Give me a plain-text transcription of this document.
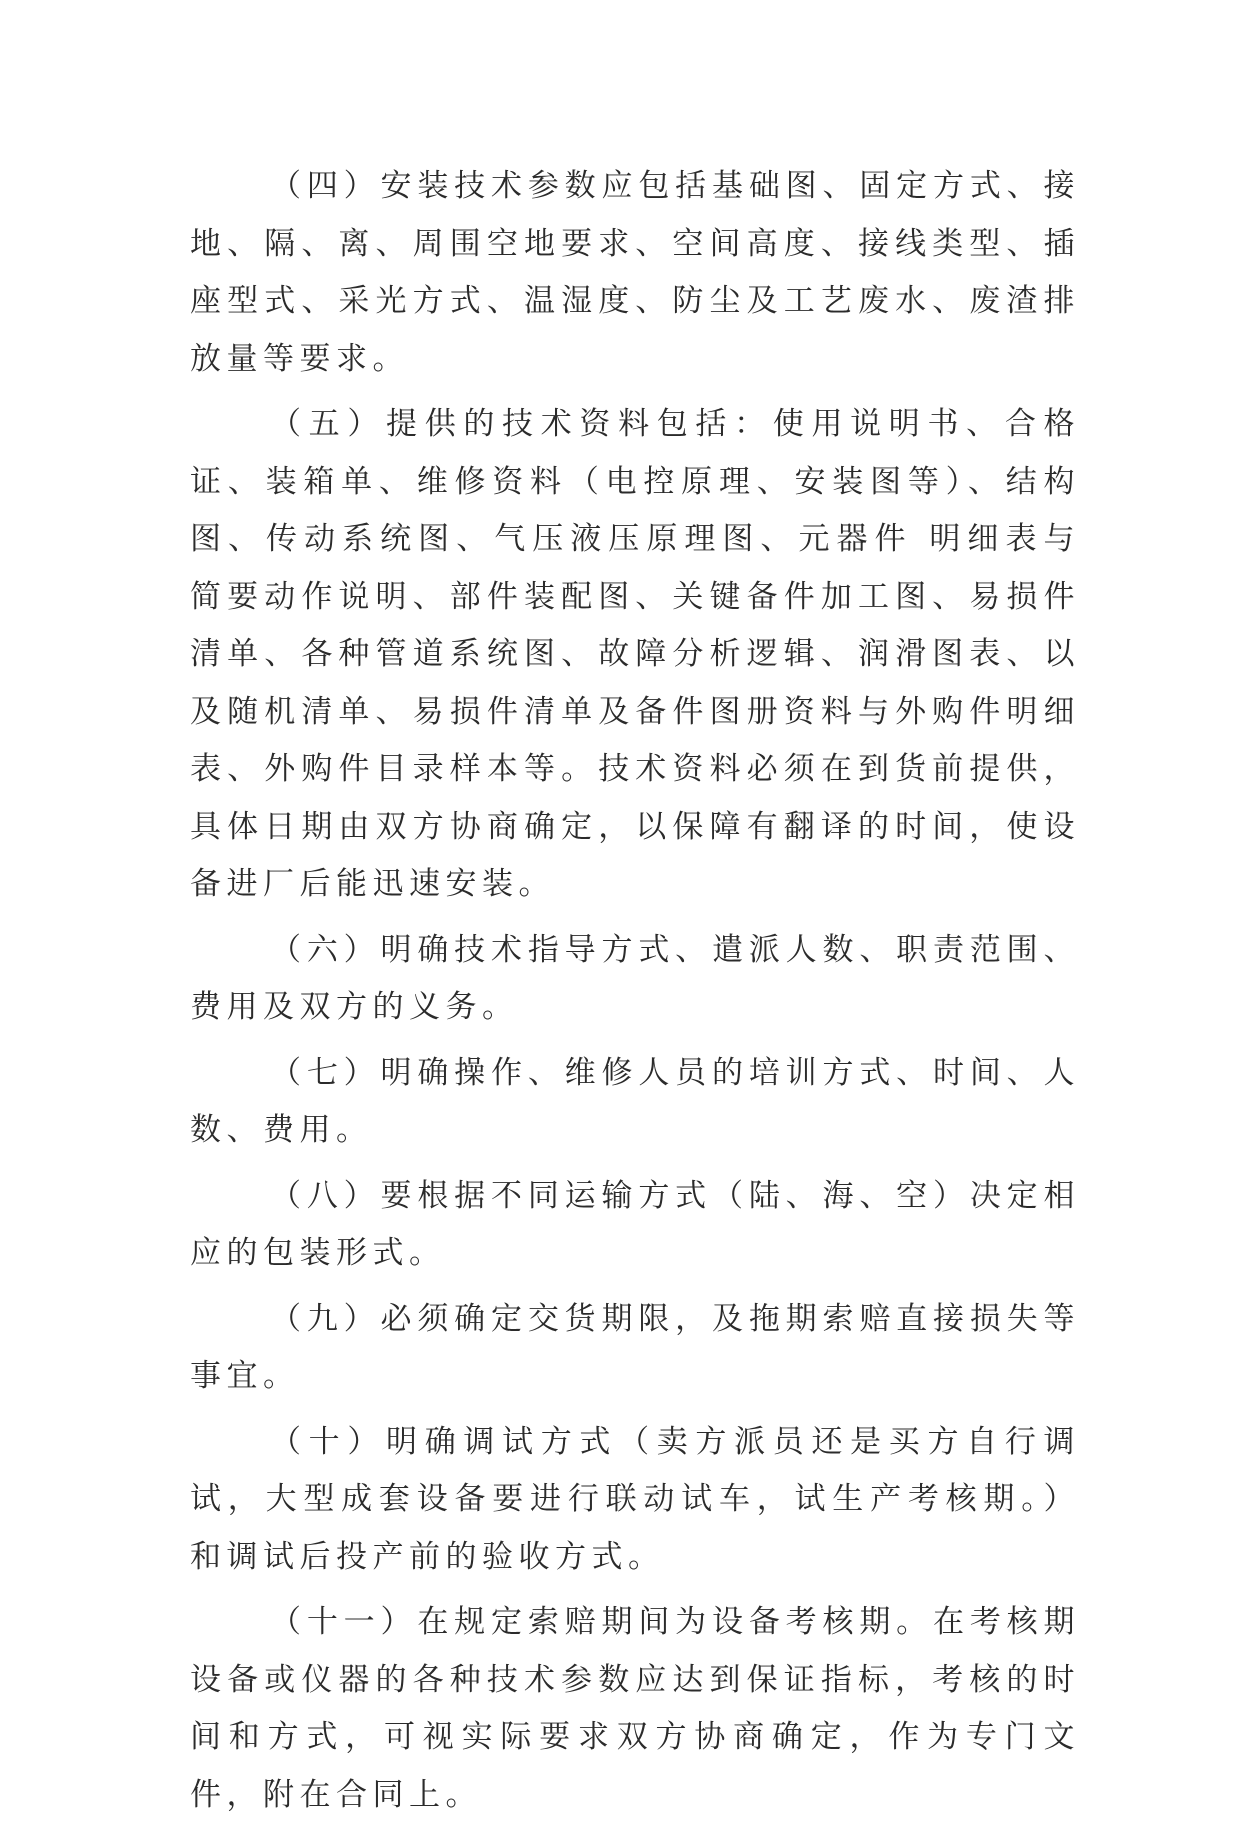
（四）安装技术参数应包括基础图、固定方式、接地、隔、离、周围空地要求、空间高度、接线类型、插座型式、采光方式、温湿度、防尘及工艺废水、废渣排放量等要求。

（五）提供的技术资料包括：使用说明书、合格证、装箱单、维修资料（电控原理、安装图等）、结构图、传动系统图、气压液压原理图、元器件 明细表与简要动作说明、部件装配图、关键备件加工图、易损件清单、各种管道系统图、故障分析逻辑、润滑图表、以及随机清单、易损件清单及备件图册资料与外购件明细表、外购件目录样本等。技术资料必须在到货前提供，具体日期由双方协商确定，以保障有翻译的时间，使设备进厂后能迅速安装。

（六）明确技术指导方式、遣派人数、职责范围、费用及双方的义务。

（七）明确操作、维修人员的培训方式、时间、人数、费用。

（八）要根据不同运输方式（陆、海、空）决定相应的包装形式。

（九）必须确定交货期限，及拖期索赔直接损失等事宜。

（十）明确调试方式（卖方派员还是买方自行调试，大型成套设备要进行联动试车，试生产考核期。）和调试后投产前的验收方式。

（十一）在规定索赔期间为设备考核期。在考核期设备或仪器的各种技术参数应达到保证指标，考核的时间和方式，可视实际要求双方协商确定，作为专门文件，附在合同上。
